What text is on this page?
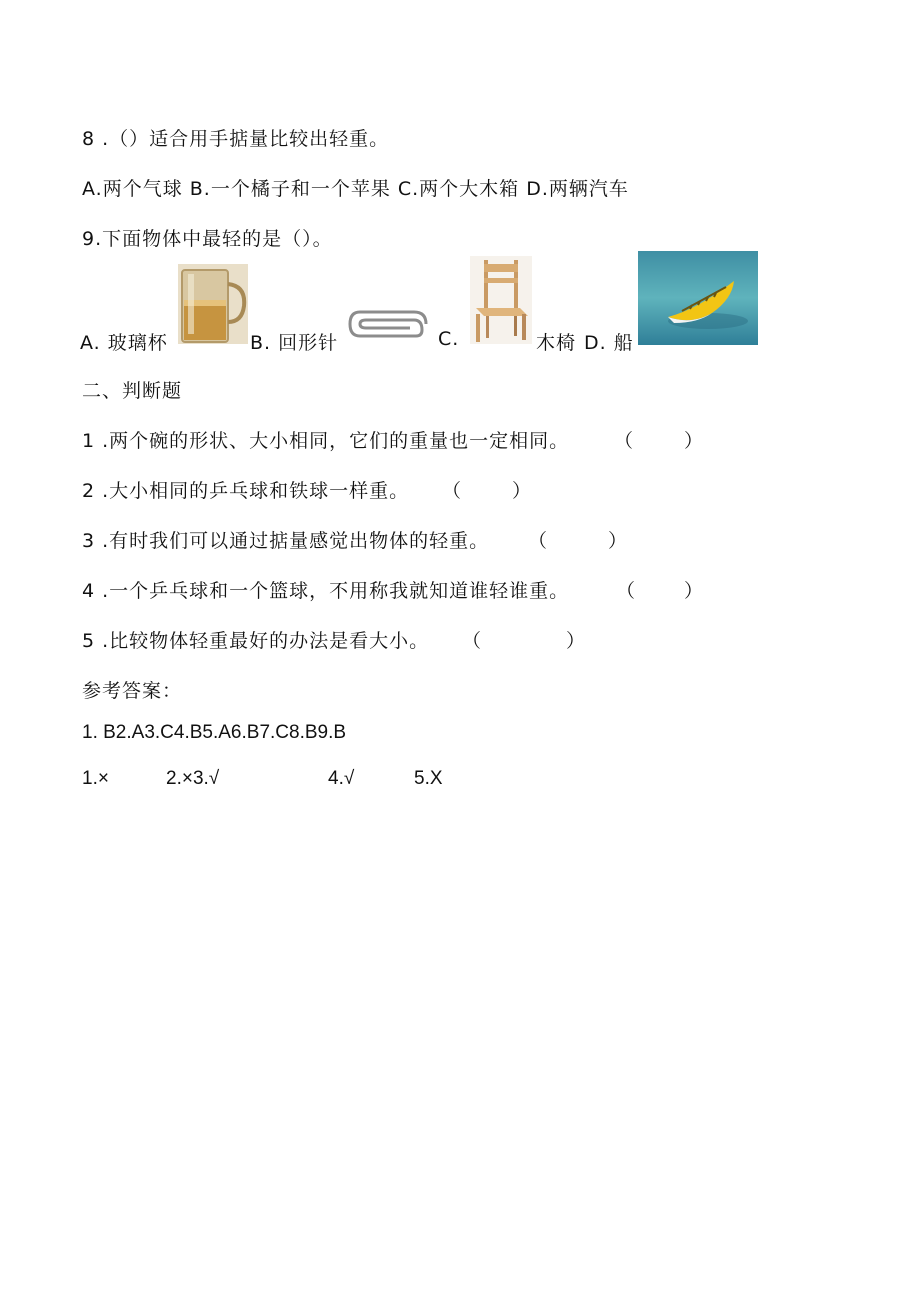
8 .（）适合用手掂量比较出轻重。
A.两个气球 B.一个橘子和一个苹果 C.两个大木箱 D.两辆汽车
9.下面物体中最轻的是（）。
A. 玻璃杯	B. 回形针	C.	木椅 D. 船
二、判断题
1 .两个碗的形状、大小相同，它们的重量也一定相同。 （	）
2 .大小相同的乒乓球和铁球一样重。 （	）
3 .有时我们可以通过掂量感觉出物体的轻重。 （	）
4 .一个乒乓球和一个篮球，不用称我就知道谁轻谁重。 （	）
5 .比较物体轻重最好的办法是看大小。 （	）
参考答案：
1. B2.A3.C4.B5.A6.B7.C8.B9.B
1.×	2.×3.√	4.√	5.X
